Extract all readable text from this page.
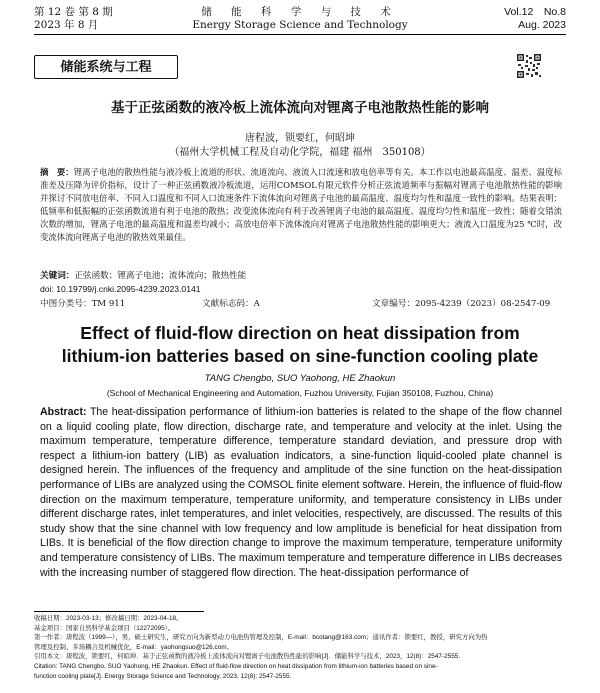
第 12 卷 第 8 期
2023 年 8 月
储 能 科 学 与 技 术
Energy Storage Science and Technology
Vol.12　No.8
Aug. 2023
储能系统与工程
基于正弦函数的液冷板上流体流向对锂离子电池散热性能的影响
唐程波，锁要红，何昭坤
（福州大学机械工程及自动化学院，福建 福州　350108）
摘　要：锂离子电池的散热性能与液冷板上流道的形状、流道流向、液流入口流速和放电倍率等有关。本工作以电池最高温度、温差、温度标准差及压降为评价指标，设计了一种正弦函数液冷板流道，运用COMSOL有限元软件分析正弦流道频率与振幅对锂离子电池散热性能的影响并探讨不同放电倍率、不同入口温度和不同入口流速条件下流体流向对锂离子电池的最高温度、温度均匀性和温度一致性的影响。结果表明：低频率和低振幅的正弦函数流道有利于电池的散热；改变流体流向有利于改善锂离子电池的最高温度、温度均匀性和温度一致性；随着交错流次数的增加，锂离子电池的最高温度和温差均减小；高放电倍率下流体流向对锂离子电池散热性能的影响更大；液流入口温度为25 ℃时，改变流体流向锂离子电池的散热效果最佳。
关键词：正弦函数；锂离子电池；流体流向；散热性能
doi: 10.19799/j.cnki.2095-4239.2023.0141
中图分类号：TM 911	文献标志码：A	文章编号：2095-4239（2023）08-2547-09
Effect of fluid-flow direction on heat dissipation from
lithium-ion batteries based on sine-function cooling plate
TANG Chengbo, SUO Yaohong, HE Zhaokun
(School of Mechanical Engineering and Automation, Fuzhou University, Fujian 350108, Fuzhou, China)
Abstract: The heat-dissipation performance of lithium-ion batteries is related to the shape of the flow channel on a liquid cooling plate, flow direction, discharge rate, and temperature and velocity at the inlet. Using the maximum temperature, temperature difference, temperature standard deviation, and pressure drop with respect a lithium-ion battery (LIB) as evaluation indicators, a sine-function liquid-cooled plate channel is designed herein. The influences of the frequency and amplitude of the sine function on the heat-dissipation performance of LIBs are analyzed using the COMSOL finite element software. Herein, the influence of fluid-flow direction on the maximum temperature, temperature uniformity, and temperature consistency in LIBs under different discharge rates, inlet temperatures, and inlet velocities, respectively, are discussed. The results of this study show that the sine channel with low frequency and low amplitude is beneficial for heat dissipation from LIBs. It is beneficial of the flow direction change to improve the maximum temperature, temperature uniformity and temperature consistency of LIBs. The maximum temperature and temperature difference in LIBs decreases with the increasing number of staggered flow direction. The heat-dissipation performance of
收稿日期：2023-03-13；修改稿日期：2023-04-18。
基金项目：国家自然科学基金项目（12272095）。
第一作者：唐程波（1999—），男，硕士研究生，研究方向为新型动力电池热管理及控制，E-mail：bcotang@163.com；通讯作者：锁要红，教授，研究方向为热
管理及控制、多场耦合及机械优化，E-mail：yaohongsuo@126.com。
引用本文：唐程波，锁要红，何昭坤．基于正弦函数的液冷板上流体流向对锂离子电池散热性能的影响[J]．储能科学与技术，2023，12(8)：2547-2555．
Citation: TANG Chengbo, SUO Yaohong, HE Zhaokun. Effect of fluid-flow direction on heat dissipation from lithium-ion batteries based on sine-
function cooling plate[J]. Energy Storage Science and Technology, 2023, 12(8): 2547-2555.
